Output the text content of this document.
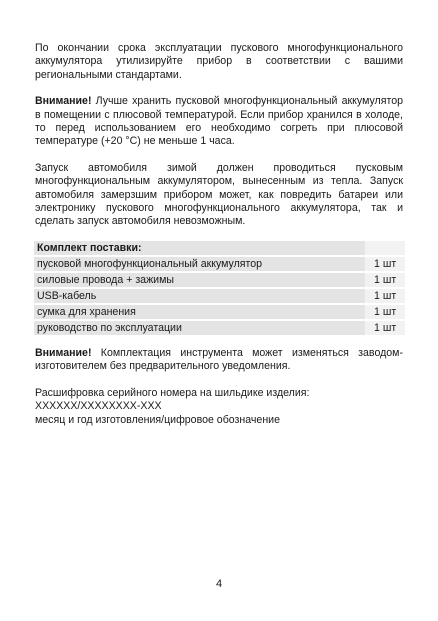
По окончании срока эксплуатации пускового многофункционального аккумулятора утилизируйте прибор в соответствии с вашими региональными стандартами.

Внимание! Лучше хранить пусковой многофункциональный аккумулятор в помещении с плюсовой температурой. Если прибор хранился в холоде, то перед использованием его необходимо согреть при плюсовой температуре (+20 °С) не меньше 1 часа.

Запуск автомобиля зимой должен проводиться пусковым многофункциональным аккумулятором, вынесенным из тепла. Запуск автомобиля замерзшим прибором может, как повредить батареи или электронику пускового многофункционального аккумулятора, так и сделать запуск автомобиля невозможным.

Комплект поставки:	
пусковой многофункциональный аккумулятор	1 шт
силовые провода + зажимы	1 шт
USB-кабель	1 шт
сумка для хранения	1 шт
руководство по эксплуатации	1 шт

Внимание! Комплектация инструмента может изменяться заводом-изготовителем без предварительного уведомления.

Расшифровка серийного номера на шильдике изделия:
XXXXXX/XXXXXXXX-XXX
месяц и год изготовления/цифровое обозначение
4
